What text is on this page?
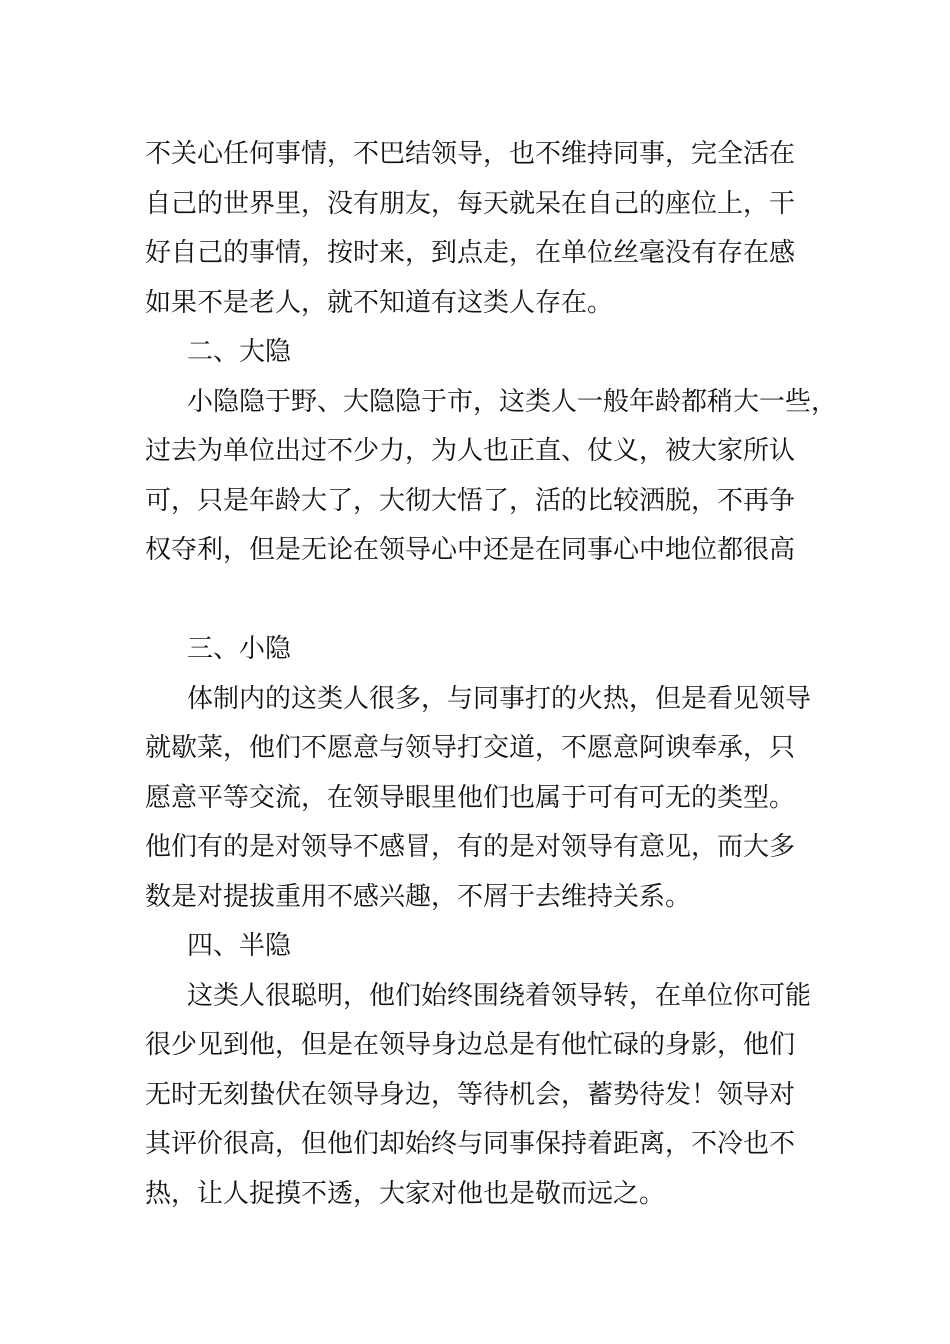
不关心任何事情，不巴结领导，也不维持同事，完全活在
自己的世界里，没有朋友，每天就呆在自己的座位上，干
好自己的事情，按时来，到点走，在单位丝毫没有存在感
如果不是老人，就不知道有这类人存在。
二、大隐
小隐隐于野、大隐隐于市，这类人一般年龄都稍大一些，
过去为单位出过不少力，为人也正直、仗义，被大家所认
可，只是年龄大了，大彻大悟了，活的比较洒脱，不再争
权夺利，但是无论在领导心中还是在同事心中地位都很高
三、小隐
体制内的这类人很多，与同事打的火热，但是看见领导
就歇菜，他们不愿意与领导打交道，不愿意阿谀奉承，只
愿意平等交流，在领导眼里他们也属于可有可无的类型。
他们有的是对领导不感冒，有的是对领导有意见，而大多
数是对提拔重用不感兴趣，不屑于去维持关系。
四、半隐
这类人很聪明，他们始终围绕着领导转，在单位你可能
很少见到他，但是在领导身边总是有他忙碌的身影，他们
无时无刻蛰伏在领导身边，等待机会，蓄势待发！领导对
其评价很高，但他们却始终与同事保持着距离，不冷也不
热，让人捉摸不透，大家对他也是敬而远之。
